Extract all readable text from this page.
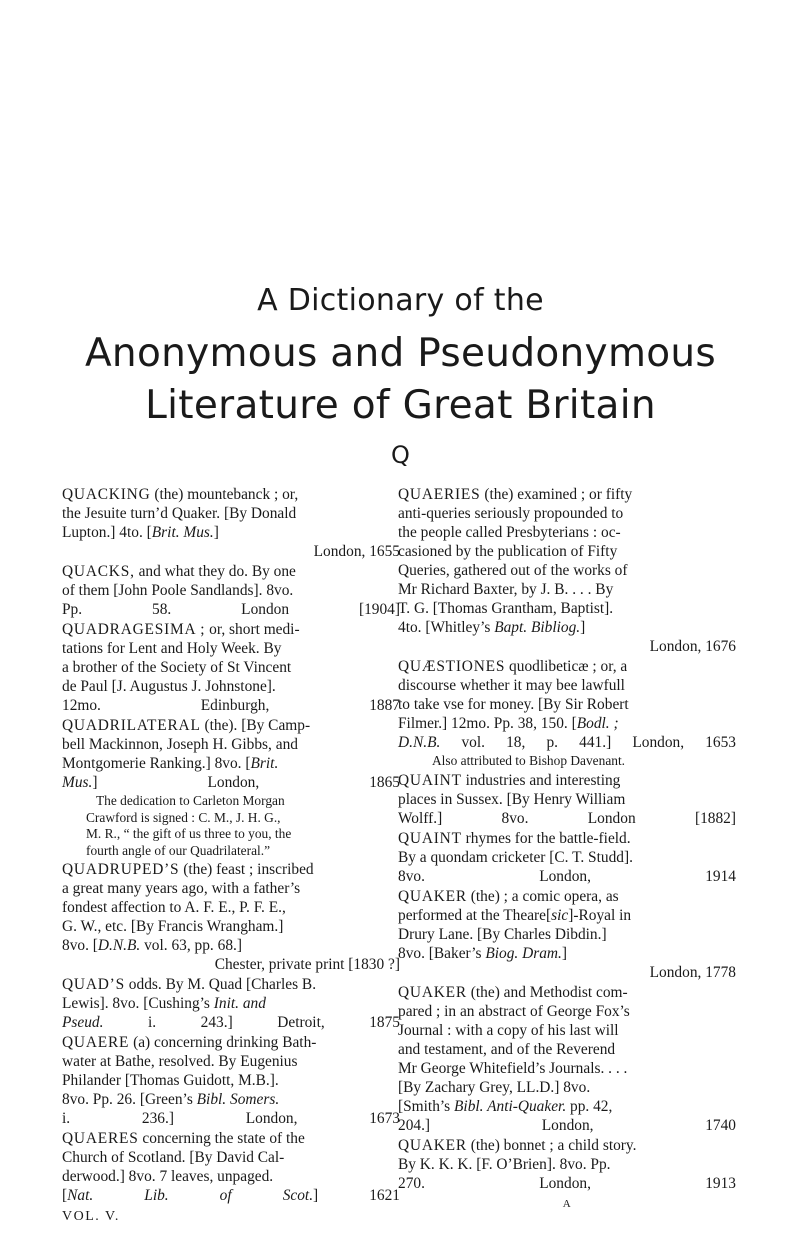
A Dictionary of the
Anonymous and Pseudonymous
Literature of Great Britain
Q
QUACKING (the) mountebanck ; or,
the Jesuite turn’d Quaker. [By Donald
Lupton.] 4to. [Brit. Mus.]
London, 1655
QUACKS, and what they do. By one
of them [John Poole Sandlands]. 8vo.
Pp. 58. London [1904]
QUADRAGESIMA ; or, short medi-
tations for Lent and Holy Week. By
a brother of the Society of St Vincent
de Paul [J. Augustus J. Johnstone].
12mo. Edinburgh, 1887
QUADRILATERAL (the). [By Camp-
bell Mackinnon, Joseph H. Gibbs, and
Montgomerie Ranking.] 8vo. [Brit.
Mus.] London, 1865
The dedication to Carleton Morgan
Crawford is signed : C. M., J. H. G.,
M. R., “ the gift of us three to you, the
fourth angle of our Quadrilateral.”
QUADRUPED’S (the) feast ; inscribed
a great many years ago, with a father’s
fondest affection to A. F. E., P. F. E.,
G. W., etc. [By Francis Wrangham.]
8vo. [D.N.B. vol. 63, pp. 68.]
Chester, private print [1830 ?]
QUAD’S odds. By M. Quad [Charles B.
Lewis]. 8vo. [Cushing’s Init. and
Pseud. i. 243.] Detroit, 1875
QUAERE (a) concerning drinking Bath-
water at Bathe, resolved. By Eugenius
Philander [Thomas Guidott, M.B.].
8vo. Pp. 26. [Green’s Bibl. Somers.
i. 236.] London, 1673
QUAERES concerning the state of the
Church of Scotland. [By David Cal-
derwood.] 8vo. 7 leaves, unpaged.
[Nat. Lib. of Scot.] 1621
VOL. V.
QUAERIES (the) examined ; or fifty
anti-queries seriously propounded to
the people called Presbyterians : oc-
casioned by the publication of Fifty
Queries, gathered out of the works of
Mr Richard Baxter, by J. B. . . . By
T. G. [Thomas Grantham, Baptist].
4to. [Whitley’s Bapt. Bibliog.]
London, 1676
QUÆSTIONES quodlibeticæ ; or, a
discourse whether it may bee lawfull
to take vse for money. [By Sir Robert
Filmer.] 12mo. Pp. 38, 150. [Bodl. ;
D.N.B. vol. 18, p. 441.] London, 1653
Also attributed to Bishop Davenant.
QUAINT industries and interesting
places in Sussex. [By Henry William
Wolff.] 8vo. London [1882]
QUAINT rhymes for the battle-field.
By a quondam cricketer [C. T. Studd].
8vo. London, 1914
QUAKER (the) ; a comic opera, as
performed at the Theare[sic]-Royal in
Drury Lane. [By Charles Dibdin.]
8vo. [Baker’s Biog. Dram.]
London, 1778
QUAKER (the) and Methodist com-
pared ; in an abstract of George Fox’s
Journal : with a copy of his last will
and testament, and of the Reverend
Mr George Whitefield’s Journals. . . .
[By Zachary Grey, LL.D.] 8vo.
[Smith’s Bibl. Anti-Quaker. pp. 42,
204.] London, 1740
QUAKER (the) bonnet ; a child story.
By K. K. K. [F. O’Brien]. 8vo. Pp.
270. London, 1913
A
